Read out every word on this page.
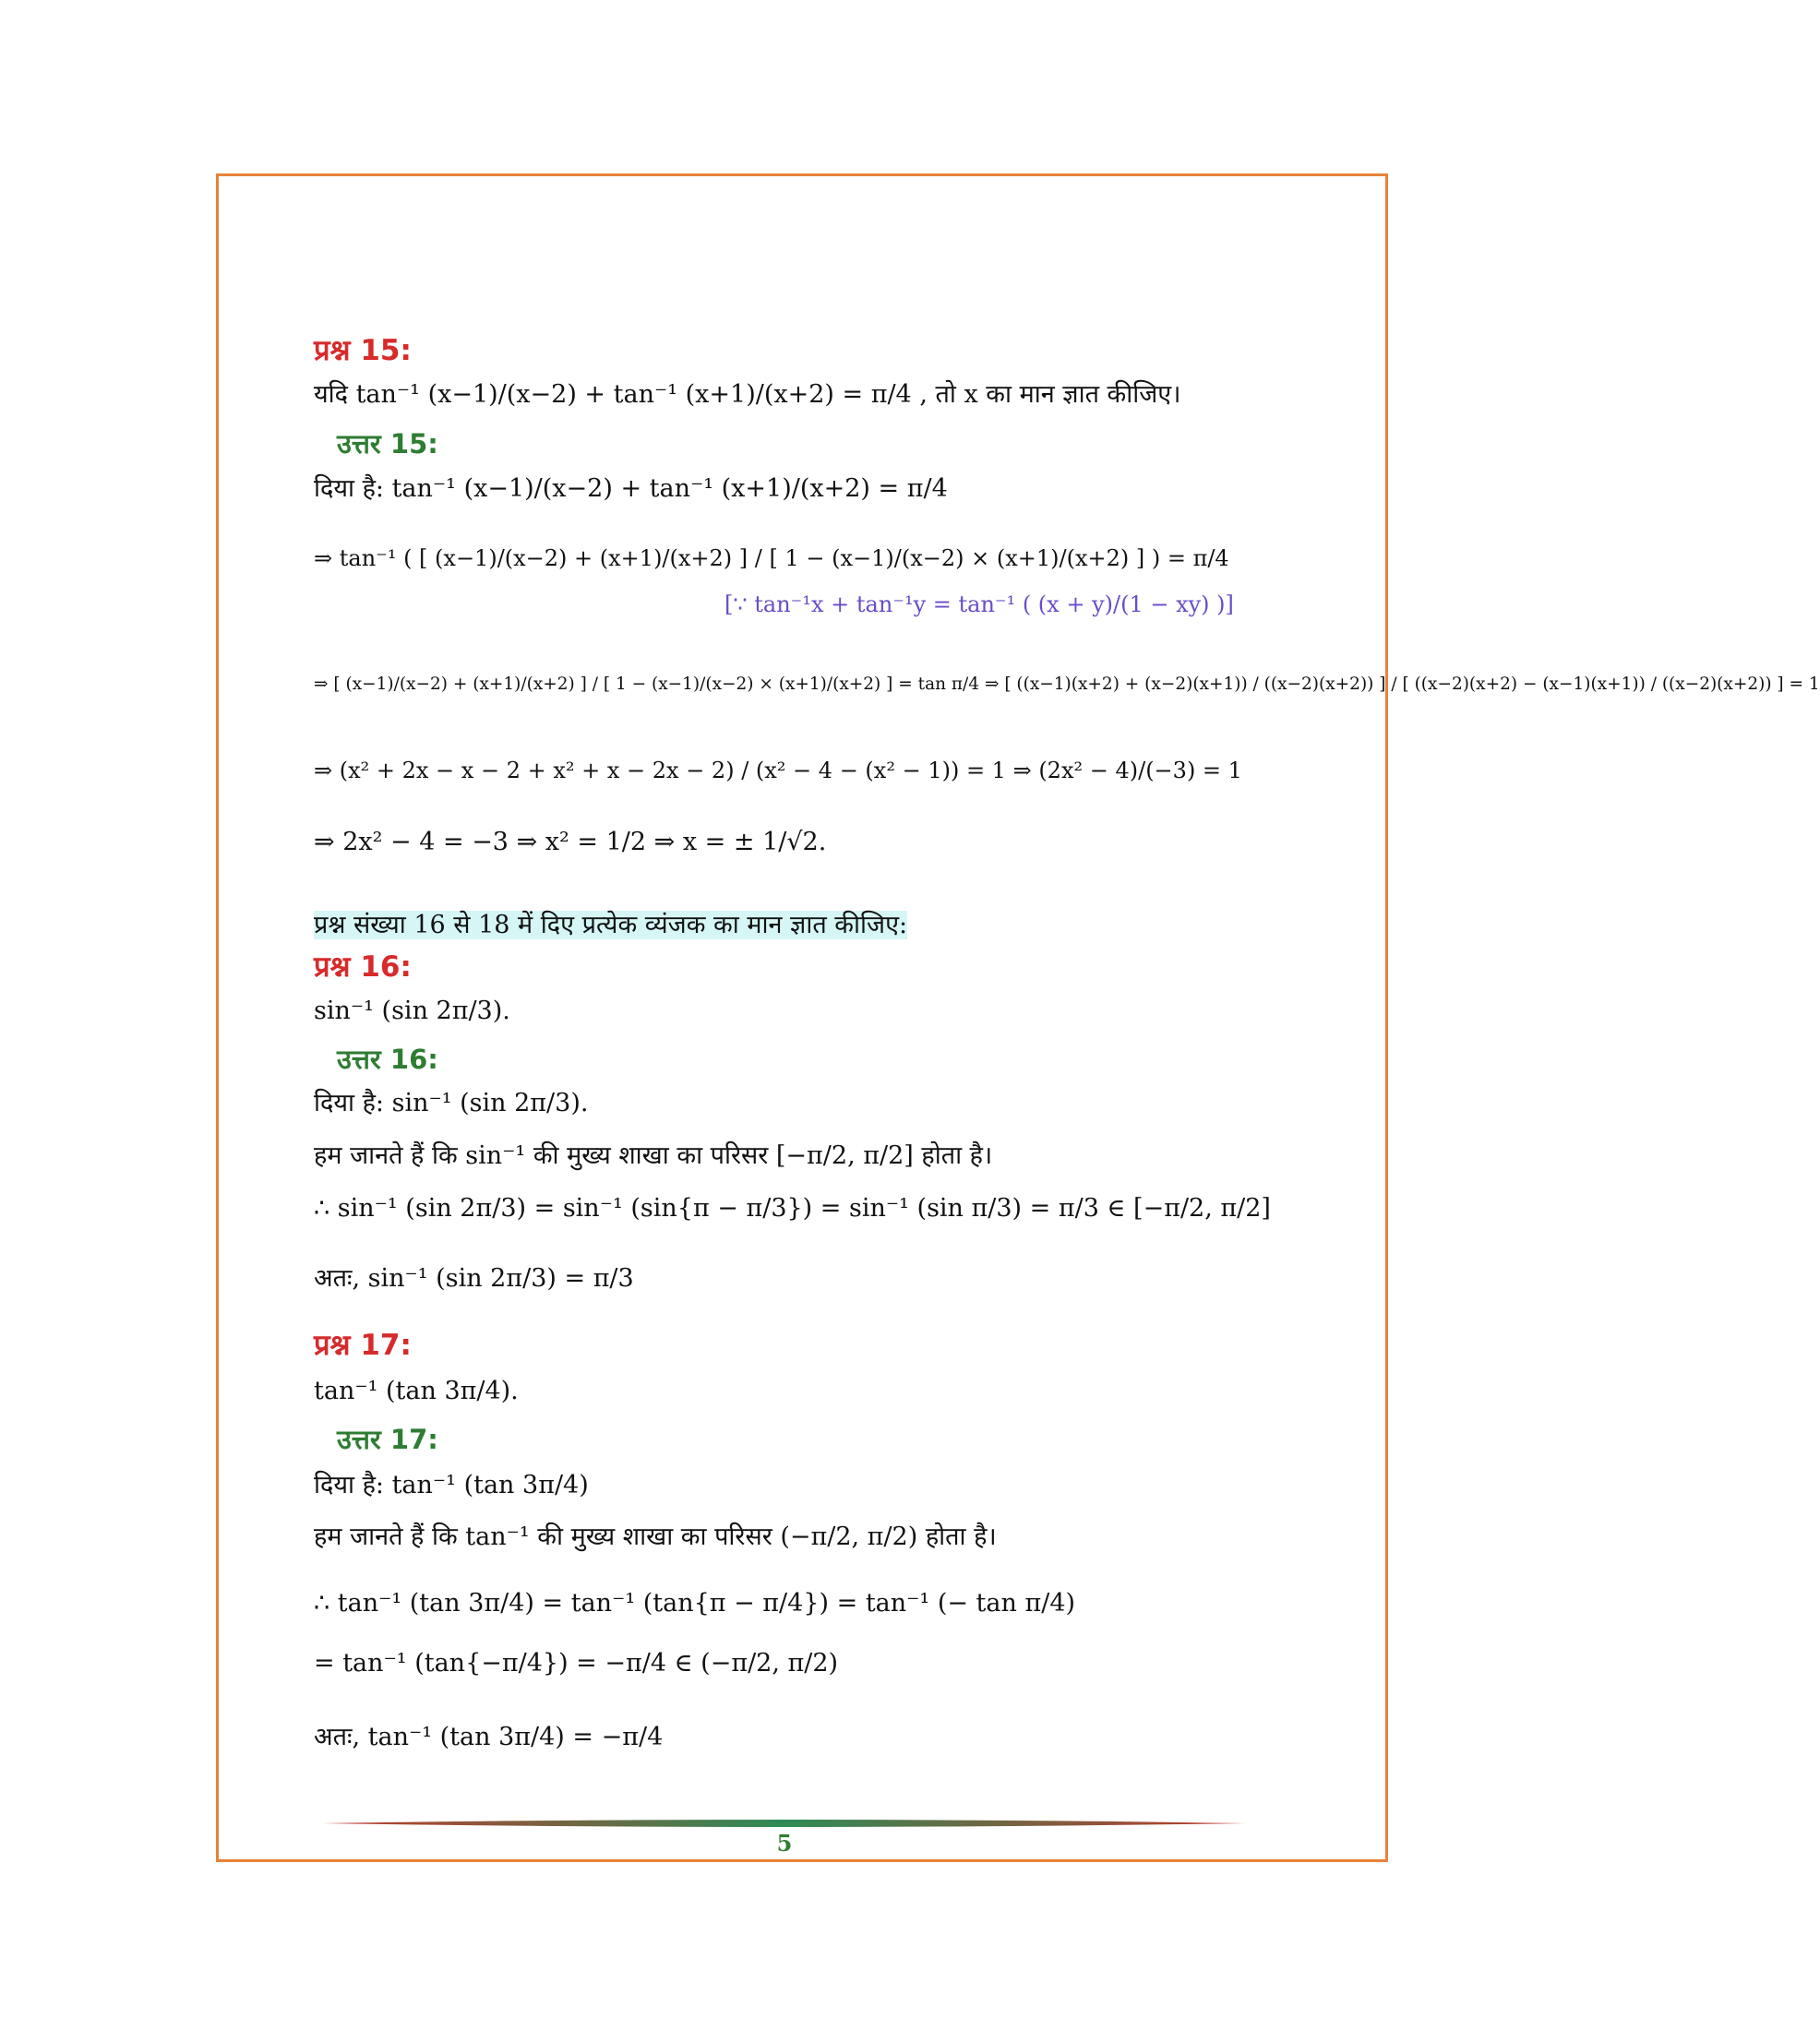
प्रश्न 15:
यदि tan⁻¹ (x−1)/(x−2) + tan⁻¹ (x+1)/(x+2) = π/4 , तो x का मान ज्ञात कीजिए।
उत्तर 15:
दिया है: tan⁻¹ (x−1)/(x−2) + tan⁻¹ (x+1)/(x+2) = π/4
⇒ tan⁻¹ ( [ (x−1)/(x−2) + (x+1)/(x+2) ] / [ 1 − (x−1)/(x−2) × (x+1)/(x+2) ] ) = π/4
[∵ tan⁻¹x + tan⁻¹y = tan⁻¹ ( (x + y)/(1 − xy) )]
⇒ [ (x−1)/(x−2) + (x+1)/(x+2) ] / [ 1 − (x−1)/(x−2) × (x+1)/(x+2) ] = tan π/4 ⇒ [ ((x−1)(x+2) + (x−2)(x+1)) / ((x−2)(x+2)) ] / [ ((x−2)(x+2) − (x−1)(x+1)) / ((x−2)(x+2)) ] = 1
⇒ (x² + 2x − x − 2 + x² + x − 2x − 2) / (x² − 4 − (x² − 1)) = 1 ⇒ (2x² − 4)/(−3) = 1
⇒ 2x² − 4 = −3 ⇒ x² = 1/2 ⇒ x = ± 1/√2.
प्रश्न संख्या 16 से 18 में दिए प्रत्येक व्यंजक का मान ज्ञात कीजिए:
प्रश्न 16:
sin⁻¹ (sin 2π/3).
उत्तर 16:
दिया है: sin⁻¹ (sin 2π/3).
हम जानते हैं कि sin⁻¹ की मुख्य शाखा का परिसर [−π/2, π/2] होता है।
∴ sin⁻¹ (sin 2π/3) = sin⁻¹ (sin{π − π/3}) = sin⁻¹ (sin π/3) = π/3 ∈ [−π/2, π/2]
अतः, sin⁻¹ (sin 2π/3) = π/3
प्रश्न 17:
tan⁻¹ (tan 3π/4).
उत्तर 17:
दिया है: tan⁻¹ (tan 3π/4)
हम जानते हैं कि tan⁻¹ की मुख्य शाखा का परिसर (−π/2, π/2) होता है।
∴ tan⁻¹ (tan 3π/4) = tan⁻¹ (tan{π − π/4}) = tan⁻¹ (− tan π/4)
= tan⁻¹ (tan{−π/4}) = −π/4 ∈ (−π/2, π/2)
अतः, tan⁻¹ (tan 3π/4) = −π/4
5
